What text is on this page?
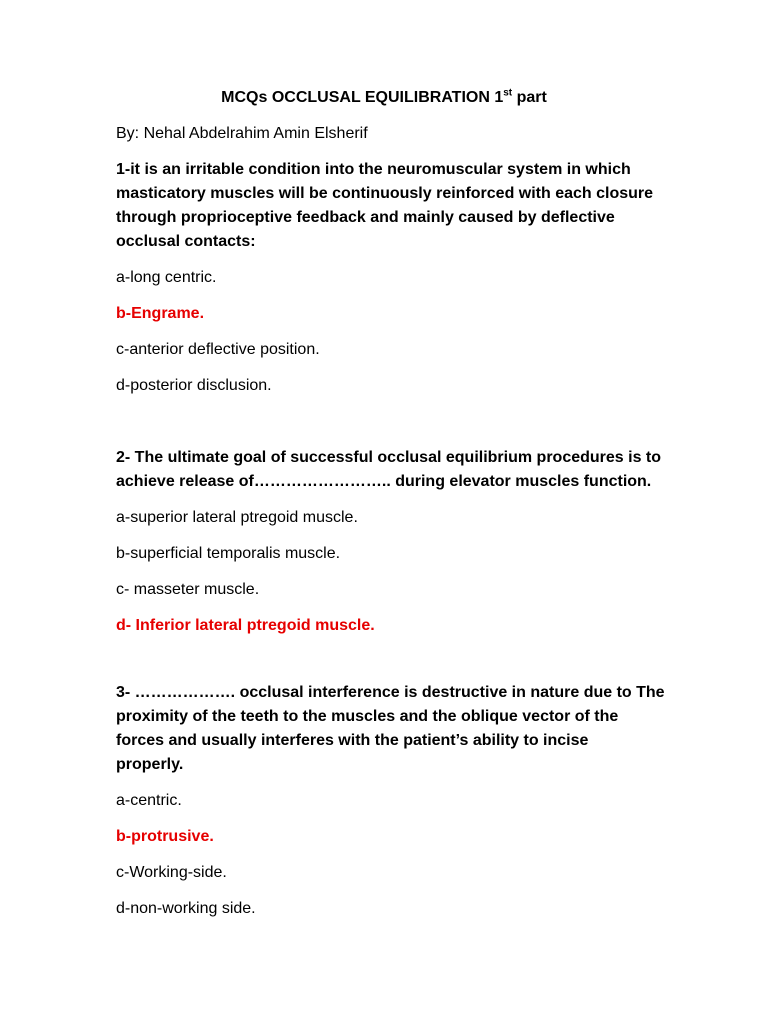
MCQs OCCLUSAL EQUILIBRATION 1st part
By: Nehal Abdelrahim Amin Elsherif
1-it is an irritable condition into the neuromuscular system in which
masticatory muscles will be continuously reinforced with each closure
through proprioceptive feedback and mainly caused by deflective
occlusal contacts:
a-long centric.
b-Engrame.
c-anterior deflective position.
d-posterior disclusion.
2- The ultimate goal of successful occlusal equilibrium procedures is to
achieve release of…………………….. during elevator muscles function.
a-superior lateral ptregoid muscle.
b-superficial temporalis muscle.
c- masseter muscle.
d- Inferior lateral ptregoid muscle.
3- ………………. occlusal interference is destructive in nature due to The
proximity of the teeth to the muscles and the oblique vector of the
forces and usually interferes with the patient’s ability to incise
properly.
a-centric.
b-protrusive.
c-Working-side.
d-non-working side.
